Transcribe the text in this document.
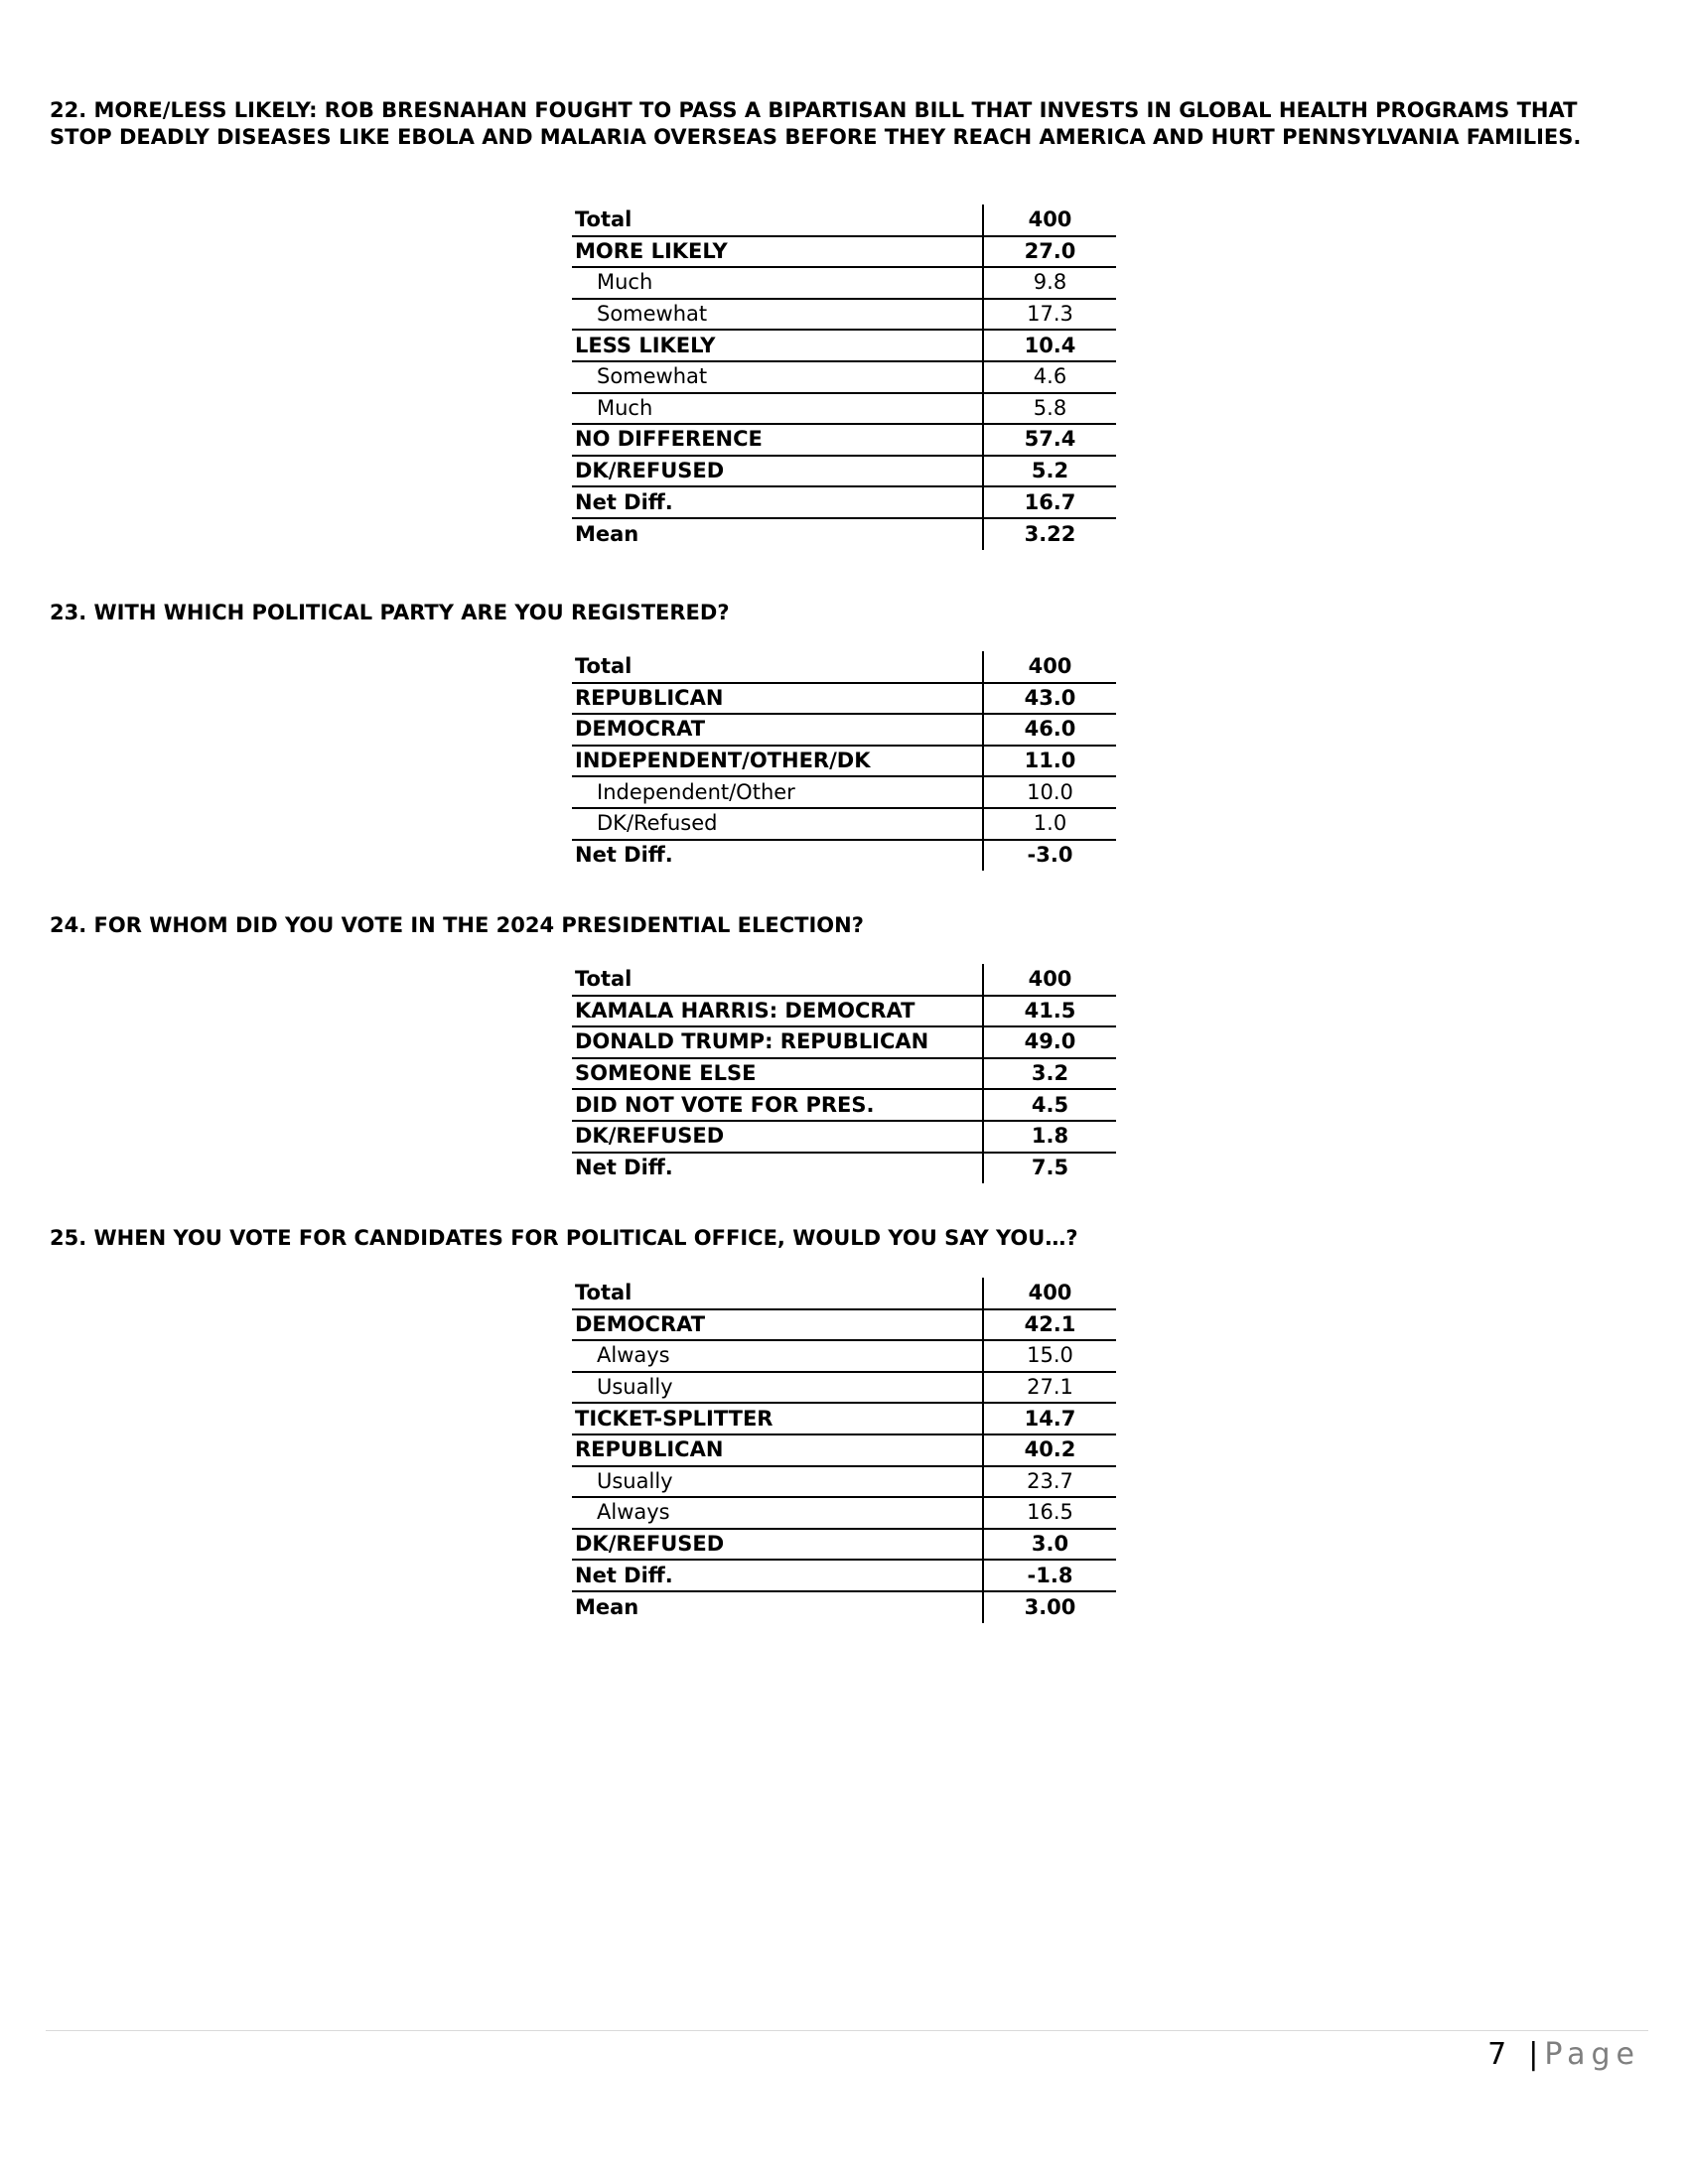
22. MORE/LESS LIKELY: ROB BRESNAHAN FOUGHT TO PASS A BIPARTISAN BILL THAT INVESTS IN GLOBAL HEALTH PROGRAMS THAT STOP DEADLY DISEASES LIKE EBOLA AND MALARIA OVERSEAS BEFORE THEY REACH AMERICA AND HURT PENNSYLVANIA FAMILIES.

Total	400
MORE LIKELY	27.0
Much	9.8
Somewhat	17.3
LESS LIKELY	10.4
Somewhat	4.6
Much	5.8
NO DIFFERENCE	57.4
DK/REFUSED	5.2
Net Diff.	16.7
Mean	3.22

23. WITH WHICH POLITICAL PARTY ARE YOU REGISTERED?

Total	400
REPUBLICAN	43.0
DEMOCRAT	46.0
INDEPENDENT/OTHER/DK	11.0
Independent/Other	10.0
DK/Refused	1.0
Net Diff.	-3.0

24. FOR WHOM DID YOU VOTE IN THE 2024 PRESIDENTIAL ELECTION?

Total	400
KAMALA HARRIS: DEMOCRAT	41.5
DONALD TRUMP: REPUBLICAN	49.0
SOMEONE ELSE	3.2
DID NOT VOTE FOR PRES.	4.5
DK/REFUSED	1.8
Net Diff.	7.5

25. WHEN YOU VOTE FOR CANDIDATES FOR POLITICAL OFFICE, WOULD YOU SAY YOU…?

Total	400
DEMOCRAT	42.1
Always	15.0
Usually	27.1
TICKET-SPLITTER	14.7
REPUBLICAN	40.2
Usually	23.7
Always	16.5
DK/REFUSED	3.0
Net Diff.	-1.8
Mean	3.00
7 | Page
